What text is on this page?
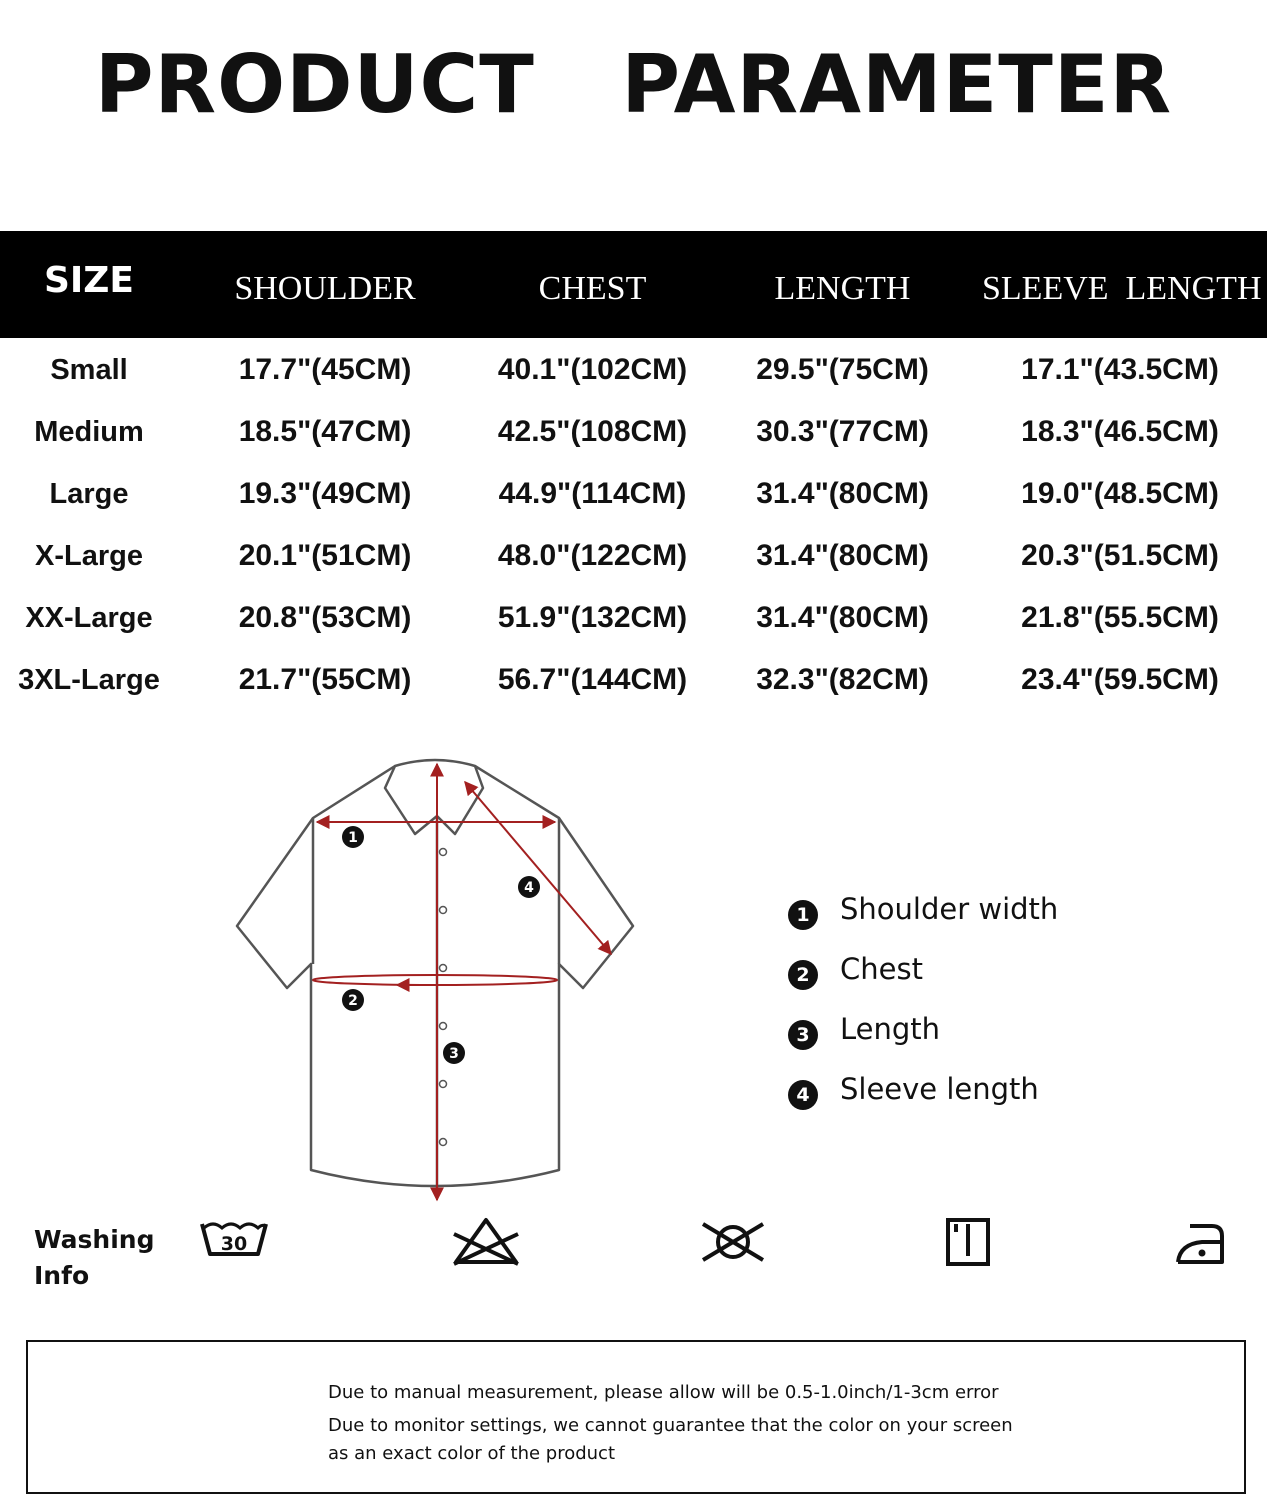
PRODUCT   PARAMETER
SIZE	SHOULDER	CHEST	LENGTH	SLEEVE  LENGTH
Small	17.7"(45CM)	40.1"(102CM)	29.5"(75CM)	17.1"(43.5CM)
Medium	18.5"(47CM)	42.5"(108CM)	30.3"(77CM)	18.3"(46.5CM)
Large	19.3"(49CM)	44.9"(114CM)	31.4"(80CM)	19.0"(48.5CM)
X-Large	20.1"(51CM)	48.0"(122CM)	31.4"(80CM)	20.3"(51.5CM)
XX-Large	20.8"(53CM)	51.9"(132CM)	31.4"(80CM)	21.8"(55.5CM)
3XL-Large	21.7"(55CM)	56.7"(144CM)	32.3"(82CM)	23.4"(59.5CM)
1
2
3
4
1 Shoulder width
2 Chest
3 Length
4 Sleeve length
Washing
Info
30
Due to manual measurement, please allow will be 0.5-1.0inch/1-3cm error
Due to monitor settings, we cannot guarantee that the color on your screen
as an exact color of the product
